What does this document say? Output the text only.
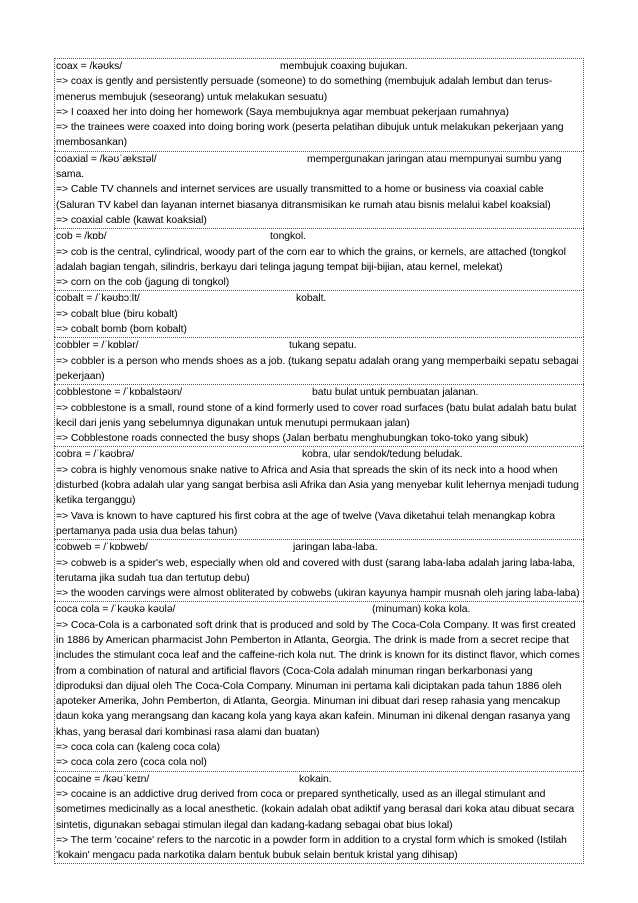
coax = /kəʊks/	membujuk coaxing bujukan.
=> coax is gently and persistently persuade (someone) to do something (membujuk adalah lembut dan terus-menerus membujuk (seseorang) untuk melakukan sesuatu)
=> I coaxed her into doing her homework (Saya membujuknya agar membuat pekerjaan rumahnya)
=> the trainees were coaxed into doing boring work (peserta pelatihan dibujuk untuk melakukan pekerjaan yang membosankan)
coaxial = /kəʊˈæksɪəl/	mempergunakan jaringan atau mempunyai sumbu yang
sama.
=> Cable TV channels and internet services are usually transmitted to a home or business via coaxial cable (Saluran TV kabel dan layanan internet biasanya ditransmisikan ke rumah atau bisnis melalui kabel koaksial)
=> coaxial cable (kawat koaksial)
cob = /kɒb/	tongkol.
=> cob is the central, cylindrical, woody part of the corn ear to which the grains, or kernels, are attached (tongkol adalah bagian tengah, silindris, berkayu dari telinga jagung tempat biji-bijian, atau kernel, melekat)
=> corn on the cob (jagung di tongkol)
cobalt = /ˈkəʊbɔːlt/	kobalt.
=> cobalt blue (biru kobalt)
=> cobalt bomb (bom kobalt)
cobbler = /ˈkɒblər/	tukang sepatu.
=> cobbler is a person who mends shoes as a job. (tukang sepatu adalah orang yang memperbaiki sepatu sebagai pekerjaan)
cobblestone = /ˈkɒbalstəʊn/	batu bulat untuk pembuatan jalanan.
=> cobblestone is a small, round stone of a kind formerly used to cover road surfaces (batu bulat adalah batu bulat kecil dari jenis yang sebelumnya digunakan untuk menutupi permukaan jalan)
=> Cobblestone roads connected the busy shops (Jalan berbatu menghubungkan toko-toko yang sibuk)
cobra = /ˈkəʊbrə/	kobra, ular sendok/tedung beludak.
=> cobra is highly venomous snake native to Africa and Asia that spreads the skin of its neck into a hood when disturbed (kobra adalah ular yang sangat berbisa asli Afrika dan Asia yang menyebar kulit lehernya menjadi tudung ketika terganggu)
=> Vava is known to have captured his first cobra at the age of twelve (Vava diketahui telah menangkap kobra pertamanya pada usia dua belas tahun)
cobweb = /ˈkɒbweb/	jaringan laba-laba.
=> cobweb is a spider's web, especially when old and covered with dust (sarang laba-laba adalah jaring laba-laba, terutama jika sudah tua dan tertutup debu)
=> the wooden carvings were almost obliterated by cobwebs (ukiran kayunya hampir musnah oleh jaring laba-laba)
coca cola = /ˈkəʊkə kəʊlə/	(minuman) koka kola.
=> Coca-Cola is a carbonated soft drink that is produced and sold by The Coca-Cola Company. It was first created in 1886 by American pharmacist John Pemberton in Atlanta, Georgia. The drink is made from a secret recipe that includes the stimulant coca leaf and the caffeine-rich kola nut. The drink is known for its distinct flavor, which comes from a combination of natural and artificial flavors (Coca-Cola adalah minuman ringan berkarbonasi yang diproduksi dan dijual oleh The Coca-Cola Company. Minuman ini pertama kali diciptakan pada tahun 1886 oleh apoteker Amerika, John Pemberton, di Atlanta, Georgia. Minuman ini dibuat dari resep rahasia yang mencakup daun koka yang merangsang dan kacang kola yang kaya akan kafein. Minuman ini dikenal dengan rasanya yang khas, yang berasal dari kombinasi rasa alami dan buatan)
=> coca cola can (kaleng coca cola)
=> coca cola zero (coca cola nol)
cocaine = /kəʊˈkeɪn/	kokain.
=> cocaine is an addictive drug derived from coca or prepared synthetically, used as an illegal stimulant and sometimes medicinally as a local anesthetic. (kokain adalah obat adiktif yang berasal dari koka atau dibuat secara sintetis, digunakan sebagai stimulan ilegal dan kadang-kadang sebagai obat bius lokal)
=> The term 'cocaine' refers to the narcotic in a powder form in addition to a crystal form which is smoked (Istilah 'kokain' mengacu pada narkotika dalam bentuk bubuk selain bentuk kristal yang dihisap)
